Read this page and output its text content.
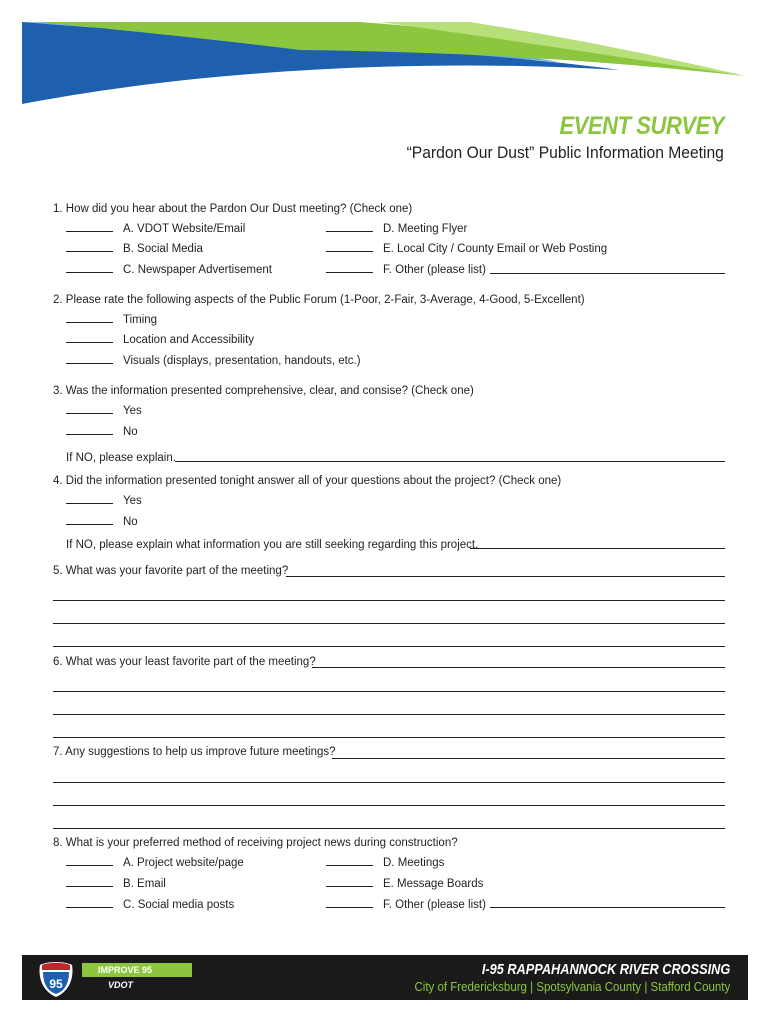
EVENT SURVEY
“Pardon Our Dust” Public Information Meeting
1. How did you hear about the Pardon Our Dust meeting? (Check one)
A. VDOT Website/Email
B. Social Media
C. Newspaper Advertisement
D. Meeting Flyer
E. Local City / County Email or Web Posting
F. Other (please list)
2. Please rate the following aspects of the Public Forum (1-Poor, 2-Fair, 3-Average, 4-Good, 5-Excellent)
Timing
Location and Accessibility
Visuals (displays, presentation, handouts, etc.)
3. Was the information presented comprehensive, clear, and consise? (Check one)
Yes
No
If NO, please explain.
4. Did the information presented tonight answer all of your questions about the project? (Check one)
Yes
No
If NO, please explain what information you are still seeking regarding this project.
5. What was your favorite part of the meeting?
6. What was your least favorite part of the meeting?
7. Any suggestions to help us improve future meetings?
8. What is your preferred method of receiving project news during construction?
A. Project website/page
B. Email
C. Social media posts
D. Meetings
E. Message Boards
F. Other (please list)
95
IMPROVE 95
VDOT
I-95 RAPPAHANNOCK RIVER CROSSING
City of Fredericksburg | Spotsylvania County | Stafford County
